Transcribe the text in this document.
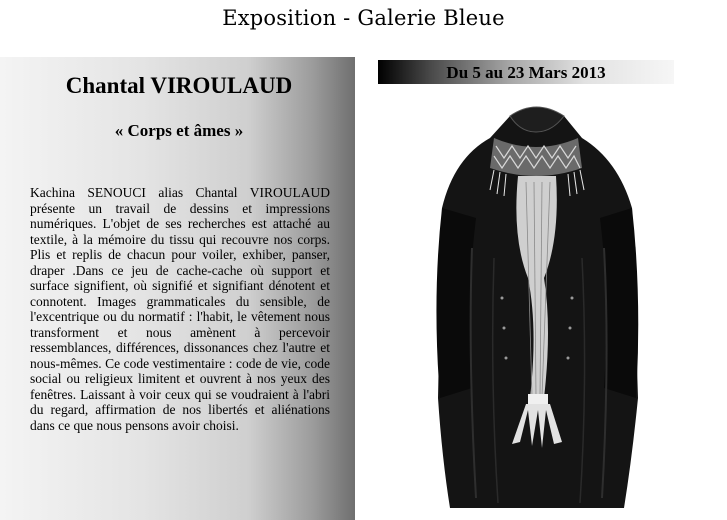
Exposition - Galerie Bleue
Chantal VIROULAUD
« Corps et âmes »

Kachina SENOUCI alias Chantal VIROULAUD présente un travail de dessins et impressions numériques. L'objet de ses recherches est attaché au textile, à la mémoire du tissu qui recouvre nos corps. Plis et replis de chacun pour voiler, exhiber, panser, draper .Dans ce jeu de cache-cache où support et surface signifient, où signifié et signifiant dénotent et connotent. Images grammaticales du sensible, de l'excentrique ou du normatif : l'habit, le vêtement nous transforment et nous amènent à percevoir ressemblances, différences, dissonances chez l'autre et nous-mêmes. Ce code vestimentaire : code de vie, code social ou religieux limitent et ouvrent à nos yeux des fenêtres. Laissant à voir ceux qui se voudraient à l'abri du regard, affirmation de nos libertés et aliénations dans ce que nous pensons avoir choisi.

Du 5 au 23 Mars 2013
